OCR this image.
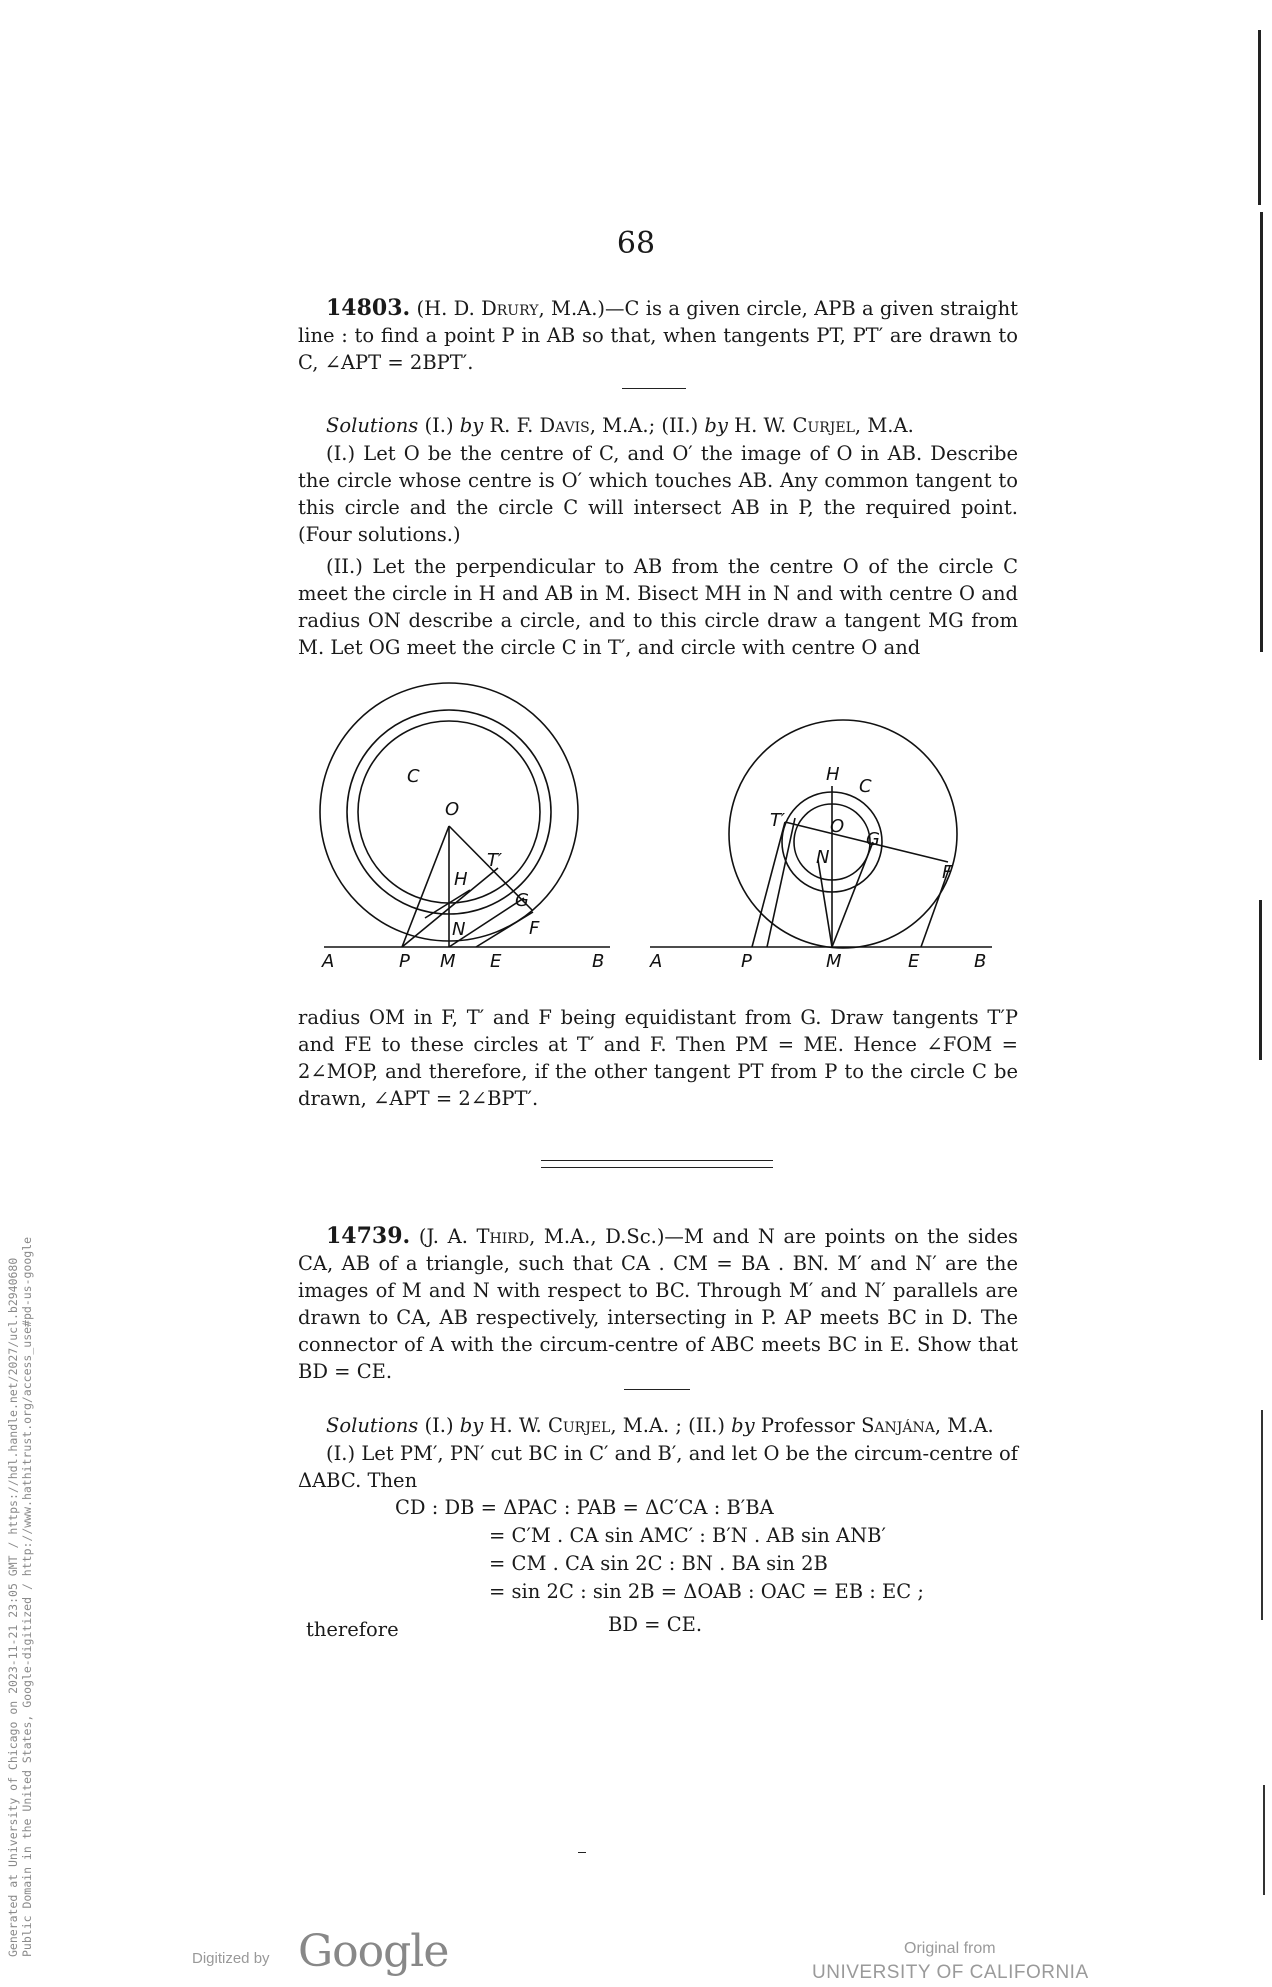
68

14803. (H. D. Drury, M.A.)—C is a given circle, APB a given straight line : to find a point P in AB so that, when tangents PT, PT′ are drawn to C, ∠APT = 2BPT′.

Solutions (I.) by R. F. Davis, M.A.; (II.) by H. W. Curjel, M.A.

(I.) Let O be the centre of C, and O′ the image of O in AB. Describe the circle whose centre is O′ which touches AB. Any common tangent to this circle and the circle C will intersect AB in P, the required point. (Four solutions.)

(II.) Let the perpendicular to AB from the centre O of the circle C meet the circle in H and AB in M. Bisect MH in N and with centre O and radius ON describe a circle, and to this circle draw a tangent MG from M. Let OG meet the circle C in T′, and circle with centre O and

C
O
T′
H
G
N	F
A	P M E	B
H
C
T′ O
G
N
F
A	P	M	E	B

radius OM in F, T′ and F being equidistant from G. Draw tangents T′P and FE to these circles at T′ and F. Then PM = ME. Hence ∠FOM = 2∠MOP, and therefore, if the other tangent PT from P to the circle C be drawn, ∠APT = 2∠BPT′.

14739. (J. A. Third, M.A., D.Sc.)—M and N are points on the sides CA, AB of a triangle, such that CA . CM = BA . BN. M′ and N′ are the images of M and N with respect to BC. Through M′ and N′ parallels are drawn to CA, AB respectively, intersecting in P. AP meets BC in D. The connector of A with the circum-centre of ABC meets BC in E. Show that BD = CE.

Solutions (I.) by H. W. Curjel, M.A. ; (II.) by Professor Sanjána, M.A.

(I.) Let PM′, PN′ cut BC in C′ and B′, and let O be the circum-centre of ΔABC. Then

CD : DB = ΔPAC : PAB = ΔC′CA : B′BA
= C′M . CA sin AMC′ : B′N . AB sin ANB′
= CM . CA sin 2C : BN . BA sin 2B
= sin 2C : sin 2B = ΔOAB : OAC = EB : EC ;
therefore	BD = CE.
Generated at University of Chicago on 2023-11-21 23:05 GMT / https://hdl.handle.net/2027/ucl.b2940680 Public Domain in the United States, Google-digitized / http://www.hathitrust.org/access_use#pd-us-google
Digitized by Google	Original from
UNIVERSITY OF CALIFORNIA
